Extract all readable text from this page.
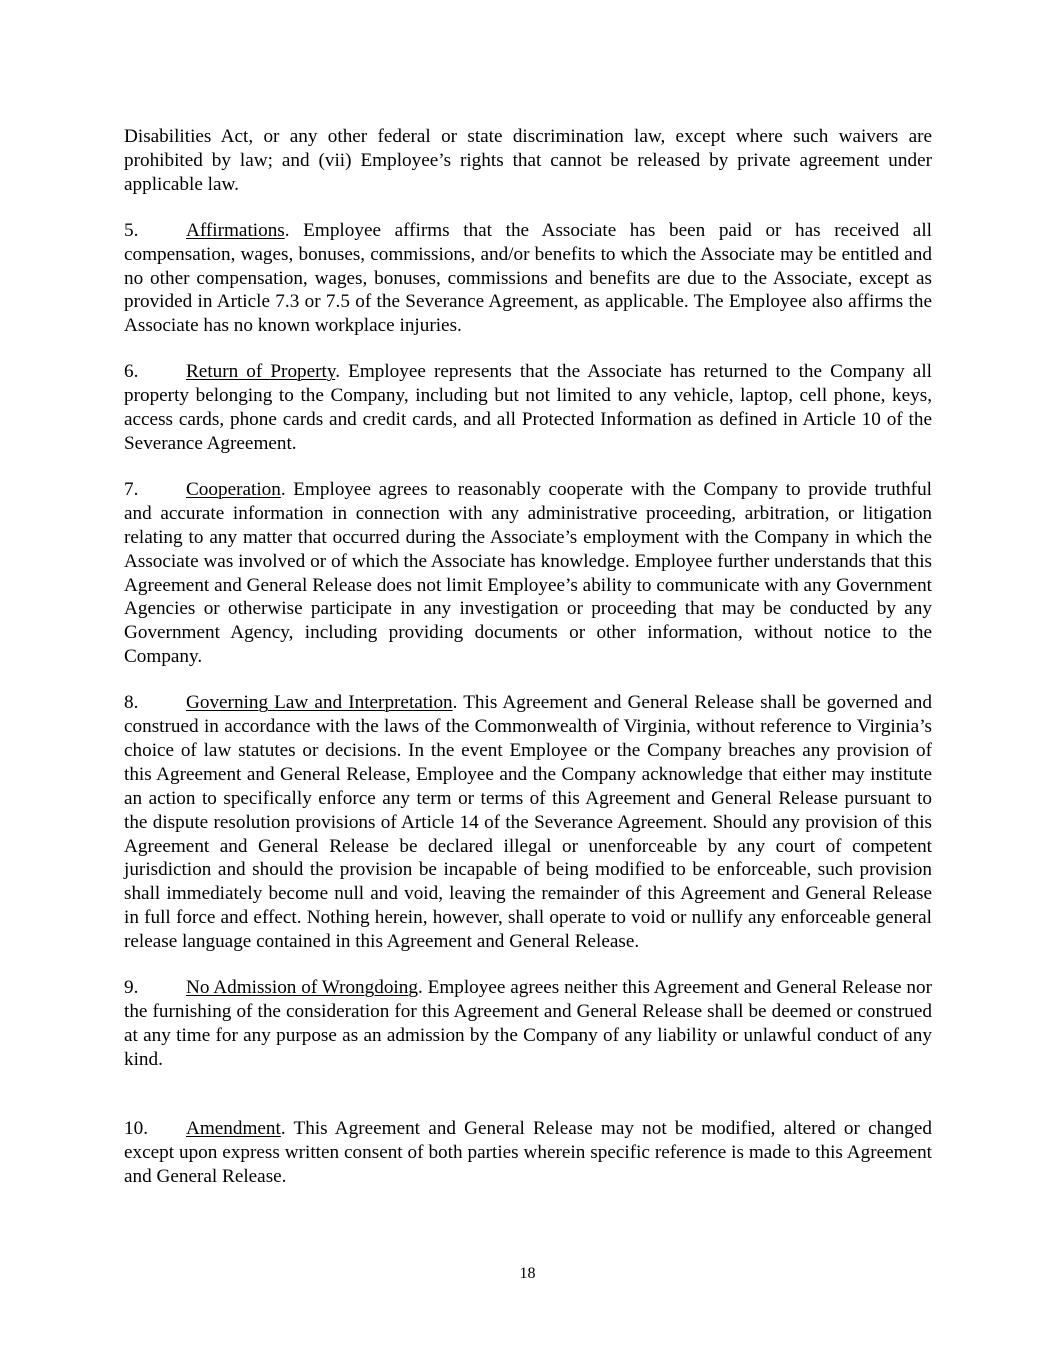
Disabilities Act, or any other federal or state discrimination law, except where such waivers are prohibited by law; and (vii) Employee’s rights that cannot be released by private agreement under applicable law.

5. Affirmations. Employee affirms that the Associate has been paid or has received all compensation, wages, bonuses, commissions, and/or benefits to which the Associate may be entitled and no other compensation, wages, bonuses, commissions and benefits are due to the Associate, except as provided in Article 7.3 or 7.5 of the Severance Agreement, as applicable. The Employee also affirms the Associate has no known workplace injuries.

6. Return of Property. Employee represents that the Associate has returned to the Company all property belonging to the Company, including but not limited to any vehicle, laptop, cell phone, keys, access cards, phone cards and credit cards, and all Protected Information as defined in Article 10 of the Severance Agreement.

7. Cooperation. Employee agrees to reasonably cooperate with the Company to provide truthful and accurate information in connection with any administrative proceeding, arbitration, or litigation relating to any matter that occurred during the Associate’s employment with the Company in which the Associate was involved or of which the Associate has knowledge. Employee further understands that this Agreement and General Release does not limit Employee’s ability to communicate with any Government Agencies or otherwise participate in any investigation or proceeding that may be conducted by any Government Agency, including providing documents or other information, without notice to the Company.

8. Governing Law and Interpretation. This Agreement and General Release shall be governed and construed in accordance with the laws of the Commonwealth of Virginia, without reference to Virginia’s choice of law statutes or decisions. In the event Employee or the Company breaches any provision of this Agreement and General Release, Employee and the Company acknowledge that either may institute an action to specifically enforce any term or terms of this Agreement and General Release pursuant to the dispute resolution provisions of Article 14 of the Severance Agreement. Should any provision of this Agreement and General Release be declared illegal or unenforceable by any court of competent jurisdiction and should the provision be incapable of being modified to be enforceable, such provision shall immediately become null and void, leaving the remainder of this Agreement and General Release in full force and effect. Nothing herein, however, shall operate to void or nullify any enforceable general release language contained in this Agreement and General Release.

9. No Admission of Wrongdoing. Employee agrees neither this Agreement and General Release nor the furnishing of the consideration for this Agreement and General Release shall be deemed or construed at any time for any purpose as an admission by the Company of any liability or unlawful conduct of any kind.

10. Amendment. This Agreement and General Release may not be modified, altered or changed except upon express written consent of both parties wherein specific reference is made to this Agreement and General Release.

18
